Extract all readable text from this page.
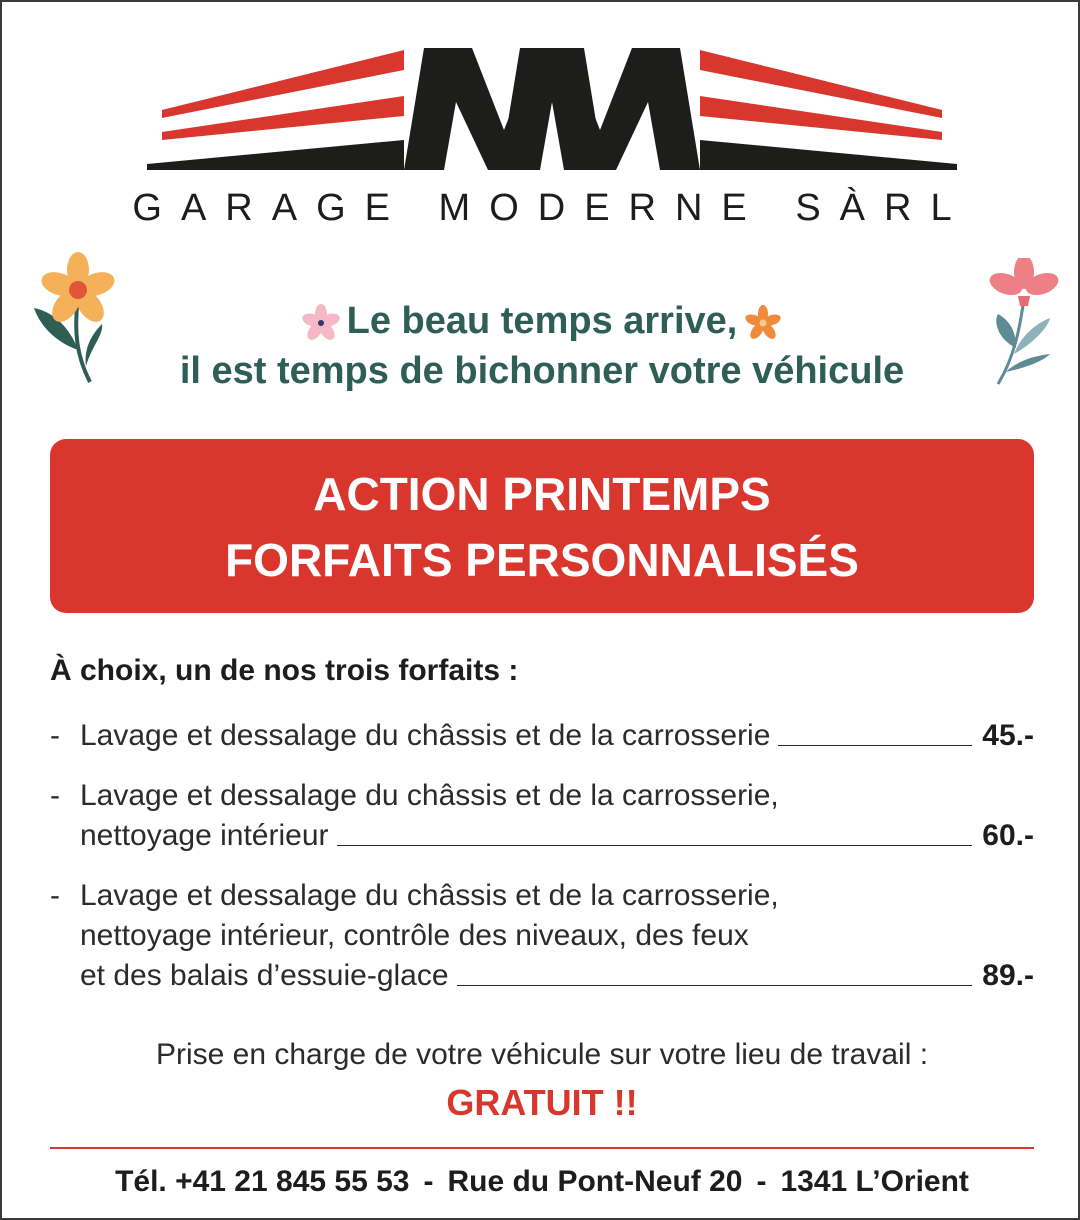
GARAGE MODERNE SÀRL
Le beau temps arrive,
il est temps de bichonner votre véhicule
ACTION PRINTEMPS
FORFAITS PERSONNALISÉS
À choix, un de nos trois forfaits :
- Lavage et dessalage du châssis et de la carrosserie	45.-
- Lavage et dessalage du châssis et de la carrosserie,
nettoyage intérieur	60.-
- Lavage et dessalage du châssis et de la carrosserie,
nettoyage intérieur, contrôle des niveaux, des feux
et des balais d’essuie-glace	89.-
Prise en charge de votre véhicule sur votre lieu de travail :
GRATUIT !!
Tél. +41 21 845 55 53 - Rue du Pont-Neuf 20 - 1341 L’Orient
